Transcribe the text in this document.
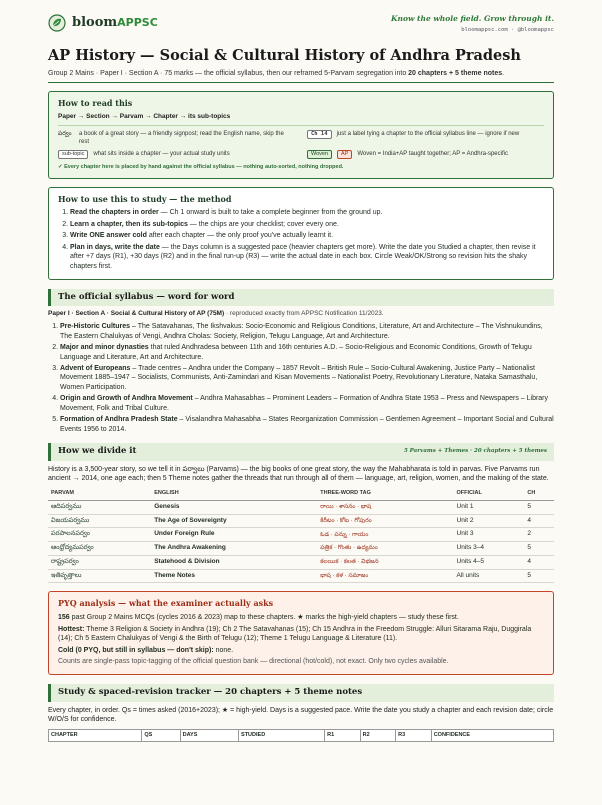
bloomAPPSC	Know the whole field. Grow through it.
bloomappsc.com · @bloomappsc
AP History — Social & Cultural History of Andhra Pradesh
Group 2 Mains · Paper I · Section A · 75 marks — the official syllabus, then our reframed 5-Parvam segregation into 20 chapters + 5 theme notes.
How to read this
Paper → Section → Parvam → Chapter → its sub-topics
పర్వం	a book of a great story — a friendly signpost; read the English name, skip the rest
Ch 14	just a label tying a chapter to the official syllabus line — ignore if new
sub-topic	what sits inside a chapter — your actual study units	Woven	AP	Woven = India+AP taught together; AP = Andhra-specific
✓ Every chapter here is placed by hand against the official syllabus — nothing auto-sorted, nothing dropped.
How to use this to study — the method
1. Read the chapters in order — Ch 1 onward is built to take a complete beginner from the ground up.
2. Learn a chapter, then its sub-topics — the chips are your checklist; cover every one.
3. Write ONE answer cold after each chapter — the only proof you've actually learnt it.
4. Plan in days, write the date — the Days column is a suggested pace (heavier chapters get more). Write the date you Studied a chapter, then revise it after +7 days (R1), +30 days (R2) and in the final run-up (R3) — write the actual date in each box. Circle Weak/OK/Strong so revision hits the shaky chapters first.
The official syllabus — word for word
Paper I · Section A · Social & Cultural History of AP (75M) · reproduced exactly from APPSC Notification 11/2023.
1. Pre-Historic Cultures – The Satavahanas, The Ikshvakus: Socio-Economic and Religious Conditions, Literature, Art and Architecture – The Vishnukundins, The Eastern Chalukyas of Vengi, Andhra Cholas: Society, Religion, Telugu Language, Art and Architecture.
2. Major and minor dynasties that ruled Andhradesa between 11th and 16th centuries A.D. – Socio-Religious and Economic Conditions, Growth of Telugu Language and Literature, Art and Architecture.
3. Advent of Europeans – Trade centres – Andhra under the Company – 1857 Revolt – British Rule – Socio-Cultural Awakening, Justice Party – Nationalist Movement 1885–1947 – Socialists, Communists, Anti-Zamindari and Kisan Movements – Nationalist Poetry, Revolutionary Literature, Nataka Samasthalu, Women Participation.
4. Origin and Growth of Andhra Movement – Andhra Mahasabhas – Prominent Leaders – Formation of Andhra State 1953 – Press and Newspapers – Library Movement, Folk and Tribal Culture.
5. Formation of Andhra Pradesh State – Visalandhra Mahasabha – States Reorganization Commission – Gentlemen Agreement – Important Social and Cultural Events 1956 to 2014.
How we divide it	5 Parvams + Themes · 20 chapters + 5 themes
History is a 3,500-year story, so we tell it in పర్వాలు (Parvams) — the big books of one great story, the way the Mahabharata is told in parvas. Five Parvams run ancient → 2014, one age each; then 5 Theme notes gather the threads that run through all of them — language, art, religion, women, and the making of the state.
PARVAM	ENGLISH	THREE-WORD TAG	OFFICIAL	CH
ఆదిపర్వము	Genesis	రాయి · శాసనం · భాష	Unit 1	5
విజయపర్వము	The Age of Sovereignty	కిరీటం · కోట · గోపురం	Unit 2	4
పరపాలనపర్వం	Under Foreign Rule	ఓడ · పన్ను · గాయం	Unit 3	2
ఆంధ్రోద్యమపర్వం	The Andhra Awakening	పత్రిక · గొంతు · ఉద్యమం	Units 3–4	5
రాష్ట్రపర్వం	Statehood & Division	కలయిక · కలత · విభజన	Units 4–5	4
ఇతివృత్తాలు	Theme Notes	భాష · కళ · సమాజం	All units	5
PYQ analysis — what the examiner actually asks

156 past Group 2 Mains MCQs (cycles 2016 & 2023) map to these chapters. ★ marks the high-yield chapters — study these first.

Hottest: Theme 3 Religion & Society in Andhra (19); Ch 2 The Satavahanas (15); Ch 15 Andhra in the Freedom Struggle: Alluri Sitarama Raju, Duggirala (14); Ch 5 Eastern Chalukyas of Vengi & the Birth of Telugu (12); Theme 1 Telugu Language & Literature (11).

Cold (0 PYQ, but still in syllabus — don't skip): none.

Counts are single-pass topic-tagging of the official question bank — directional (hot/cold), not exact. Only two cycles available.

Study & spaced-revision tracker — 20 chapters + 5 theme notes
Every chapter, in order. Qs = times asked (2016+2023); ★ = high-yield. Days is a suggested pace. Write the date you study a chapter and each revision date; circle W/O/S for confidence.
CHAPTER	QS	DAYS	STUDIED	R1	R2	R3	CONFIDENCE
